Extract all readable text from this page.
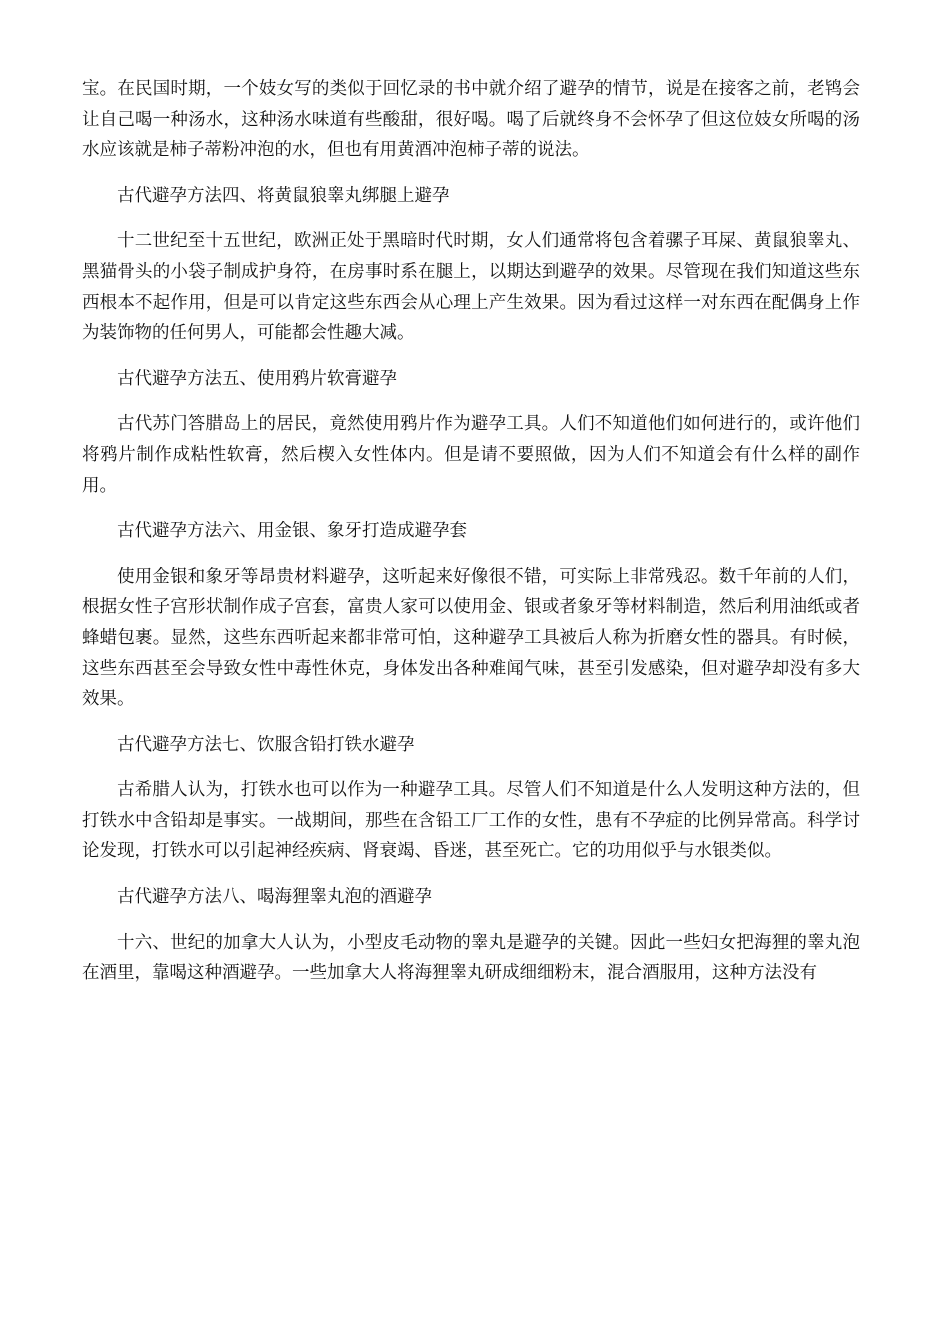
宝。在民国时期，一个妓女写的类似于回忆录的书中就介绍了避孕的情节，说是在接客之前，老鸨会让自己喝一种汤水，这种汤水味道有些酸甜，很好喝。喝了后就终身不会怀孕了但这位妓女所喝的汤水应该就是柿子蒂粉冲泡的水，但也有用黄酒冲泡柿子蒂的说法。

古代避孕方法四、将黄鼠狼睾丸绑腿上避孕

十二世纪至十五世纪，欧洲正处于黑暗时代时期，女人们通常将包含着骡子耳屎、黄鼠狼睾丸、黑猫骨头的小袋子制成护身符，在房事时系在腿上，以期达到避孕的效果。尽管现在我们知道这些东西根本不起作用，但是可以肯定这些东西会从心理上产生效果。因为看过这样一对东西在配偶身上作为装饰物的任何男人，可能都会性趣大减。

古代避孕方法五、使用鸦片软膏避孕

古代苏门答腊岛上的居民，竟然使用鸦片作为避孕工具。人们不知道他们如何进行的，或许他们将鸦片制作成粘性软膏，然后楔入女性体内。但是请不要照做，因为人们不知道会有什么样的副作用。

古代避孕方法六、用金银、象牙打造成避孕套

使用金银和象牙等昂贵材料避孕，这听起来好像很不错，可实际上非常残忍。数千年前的人们，根据女性子宫形状制作成子宫套，富贵人家可以使用金、银或者象牙等材料制造，然后利用油纸或者蜂蜡包裹。显然，这些东西听起来都非常可怕，这种避孕工具被后人称为折磨女性的器具。有时候，这些东西甚至会导致女性中毒性休克，身体发出各种难闻气味，甚至引发感染，但对避孕却没有多大效果。

古代避孕方法七、饮服含铅打铁水避孕

古希腊人认为，打铁水也可以作为一种避孕工具。尽管人们不知道是什么人发明这种方法的，但打铁水中含铅却是事实。一战期间，那些在含铅工厂工作的女性，患有不孕症的比例异常高。科学讨论发现，打铁水可以引起神经疾病、肾衰竭、昏迷，甚至死亡。它的功用似乎与水银类似。

古代避孕方法八、喝海狸睾丸泡的酒避孕

十六、世纪的加拿大人认为，小型皮毛动物的睾丸是避孕的关键。因此一些妇女把海狸的睾丸泡在酒里，靠喝这种酒避孕。一些加拿大人将海狸睾丸研成细细粉末，混合酒服用，这种方法没有
